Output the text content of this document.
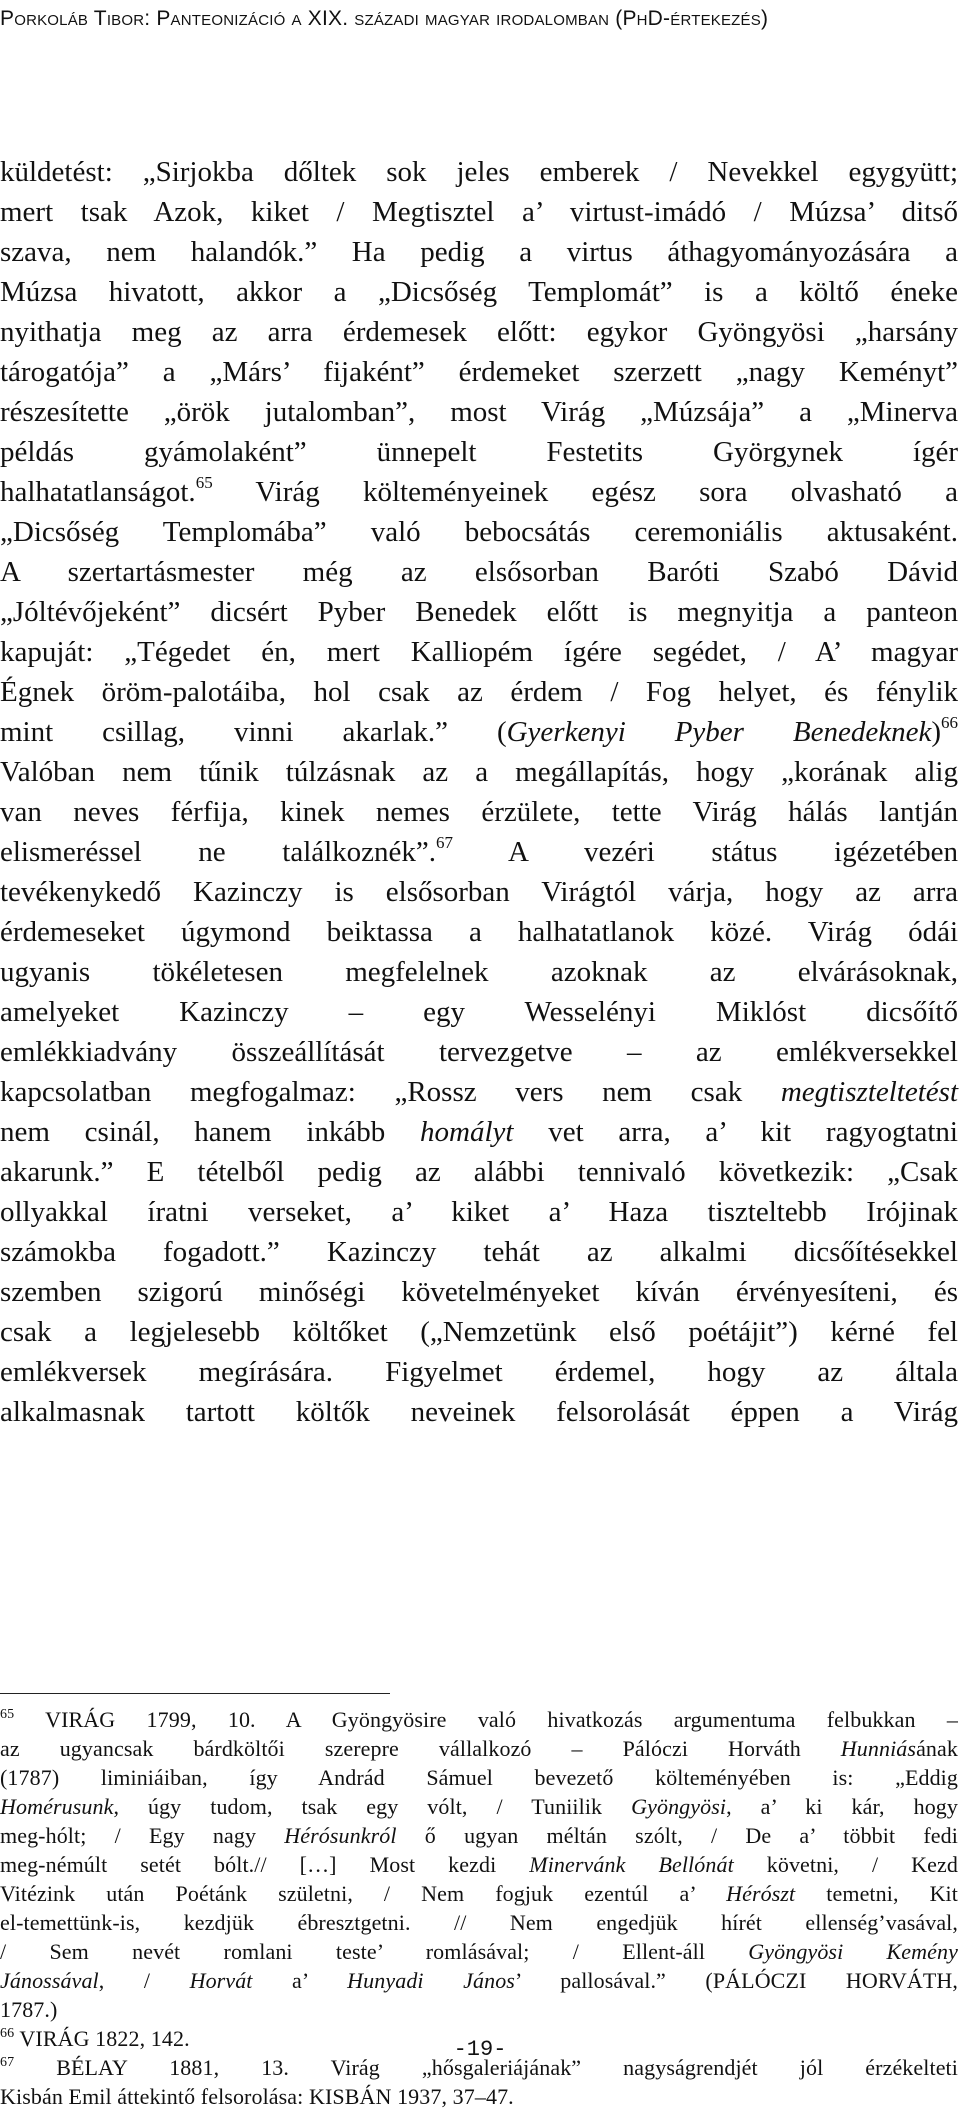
Porkoláb Tibor: Panteonizáció a XIX. századi magyar irodalomban (PhD-értekezés)
küldetést: „Sirjokba dőltek sok jeles emberek / Nevekkel egygyütt;
mert tsak Azok, kiket / Megtisztel a’ virtust-imádó / Múzsa’ ditső
szava, nem halandók.” Ha pedig a virtus áthagyományozására a
Múzsa hivatott, akkor a „Dicsőség Templomát” is a költő éneke
nyithatja meg az arra érdemesek előtt: egykor Gyöngyösi „harsány
tárogatója” a „Márs’ fijaként” érdemeket szerzett „nagy Keményt”
részesítette „örök jutalomban”, most Virág „Múzsája” a „Minerva
példás gyámolaként” ünnepelt Festetits Györgynek ígér
halhatatlanságot.$^{65}$ Virág költeményeinek egész sora olvasható a
„Dicsőség Templomába” való bebocsátás ceremoniális aktusaként.
A szertartásmester még az elsősorban Baróti Szabó Dávid
„Jóltévőjeként” dicsért Pyber Benedek előtt is megnyitja a panteon
kapuját: „Tégedet én, mert Kalliopém ígére segédet, / A’ magyar
Égnek öröm-palotáiba, hol csak az érdem / Fog helyet, és fénylik
mint csillag, vinni akarlak.” (Gyerkenyi Pyber Benedeknek)$^{66}$
Valóban nem tűnik túlzásnak az a megállapítás, hogy „korának alig
van neves férfija, kinek nemes érzülete, tette Virág hálás lantján
elismeréssel ne találkoznék”.$^{67}$ A vezéri státus igézetében
tevékenykedő Kazinczy is elsősorban Virágtól várja, hogy az arra
érdemeseket úgymond beiktassa a halhatatlanok közé. Virág ódái
ugyanis tökéletesen megfelelnek azoknak az elvárásoknak,
amelyeket Kazinczy – egy Wesselényi Miklóst dicsőítő
emlékkiadvány összeállítását tervezgetve – az emlékversekkel
kapcsolatban megfogalmaz: „Rossz vers nem csak megtiszteltetést
nem csinál, hanem inkább homályt vet arra, a’ kit ragyogtatni
akarunk.” E tételből pedig az alábbi tennivaló következik: „Csak
ollyakkal íratni verseket, a’ kiket a’ Haza tiszteltebb Irójinak
számokba fogadott.” Kazinczy tehát az alkalmi dicsőítésekkel
szemben szigorú minőségi követelményeket kíván érvényesíteni, és
csak a legjelesebb költőket („Nemzetünk első poétájit”) kérné fel
emlékversek megírására. Figyelmet érdemel, hogy az általa
alkalmasnak tartott költők neveinek felsorolását éppen a Virág
$^{65}$ VIRÁG 1799, 10. A Gyöngyösire való hivatkozás argumentuma felbukkan –
az ugyancsak bárdköltői szerepre vállalkozó – Pálóczi Horváth Hunniásának
(1787) liminiáiban, így Andrád Sámuel bevezető költeményében is: „Eddig
Homérusunk, úgy tudom, tsak egy vólt, / Tuniilik Gyöngyösi, a’ ki kár, hogy
meg-hólt; / Egy nagy Hérósunkról ő ugyan méltán szólt, / De a’ többit fedi
meg-némúlt setét bólt.// […] Most kezdi Minervánk Bellónát követni, / Kezd
Vitézink után Poétánk születni, / Nem fogjuk ezentúl a’ Hérószt temetni, Kit
el-temettünk-is, kezdjük ébresztgetni. // Nem engedjük hírét ellenség’vasával,
/ Sem nevét romlani teste’ romlásával; / Ellent-áll Gyöngyösi Kemény
Jánossával, / Horvát a’ Hunyadi János’ pallosával.” (PÁLÓCZI HORVÁTH,
1787.)
$^{66}$ VIRÁG 1822, 142.
$^{67}$ BÉLAY 1881, 13. Virág „hősgaleriájának” nagyságrendjét jól érzékelteti
Kisbán Emil áttekintő felsorolása: KISBÁN 1937, 37–47.
-19-
